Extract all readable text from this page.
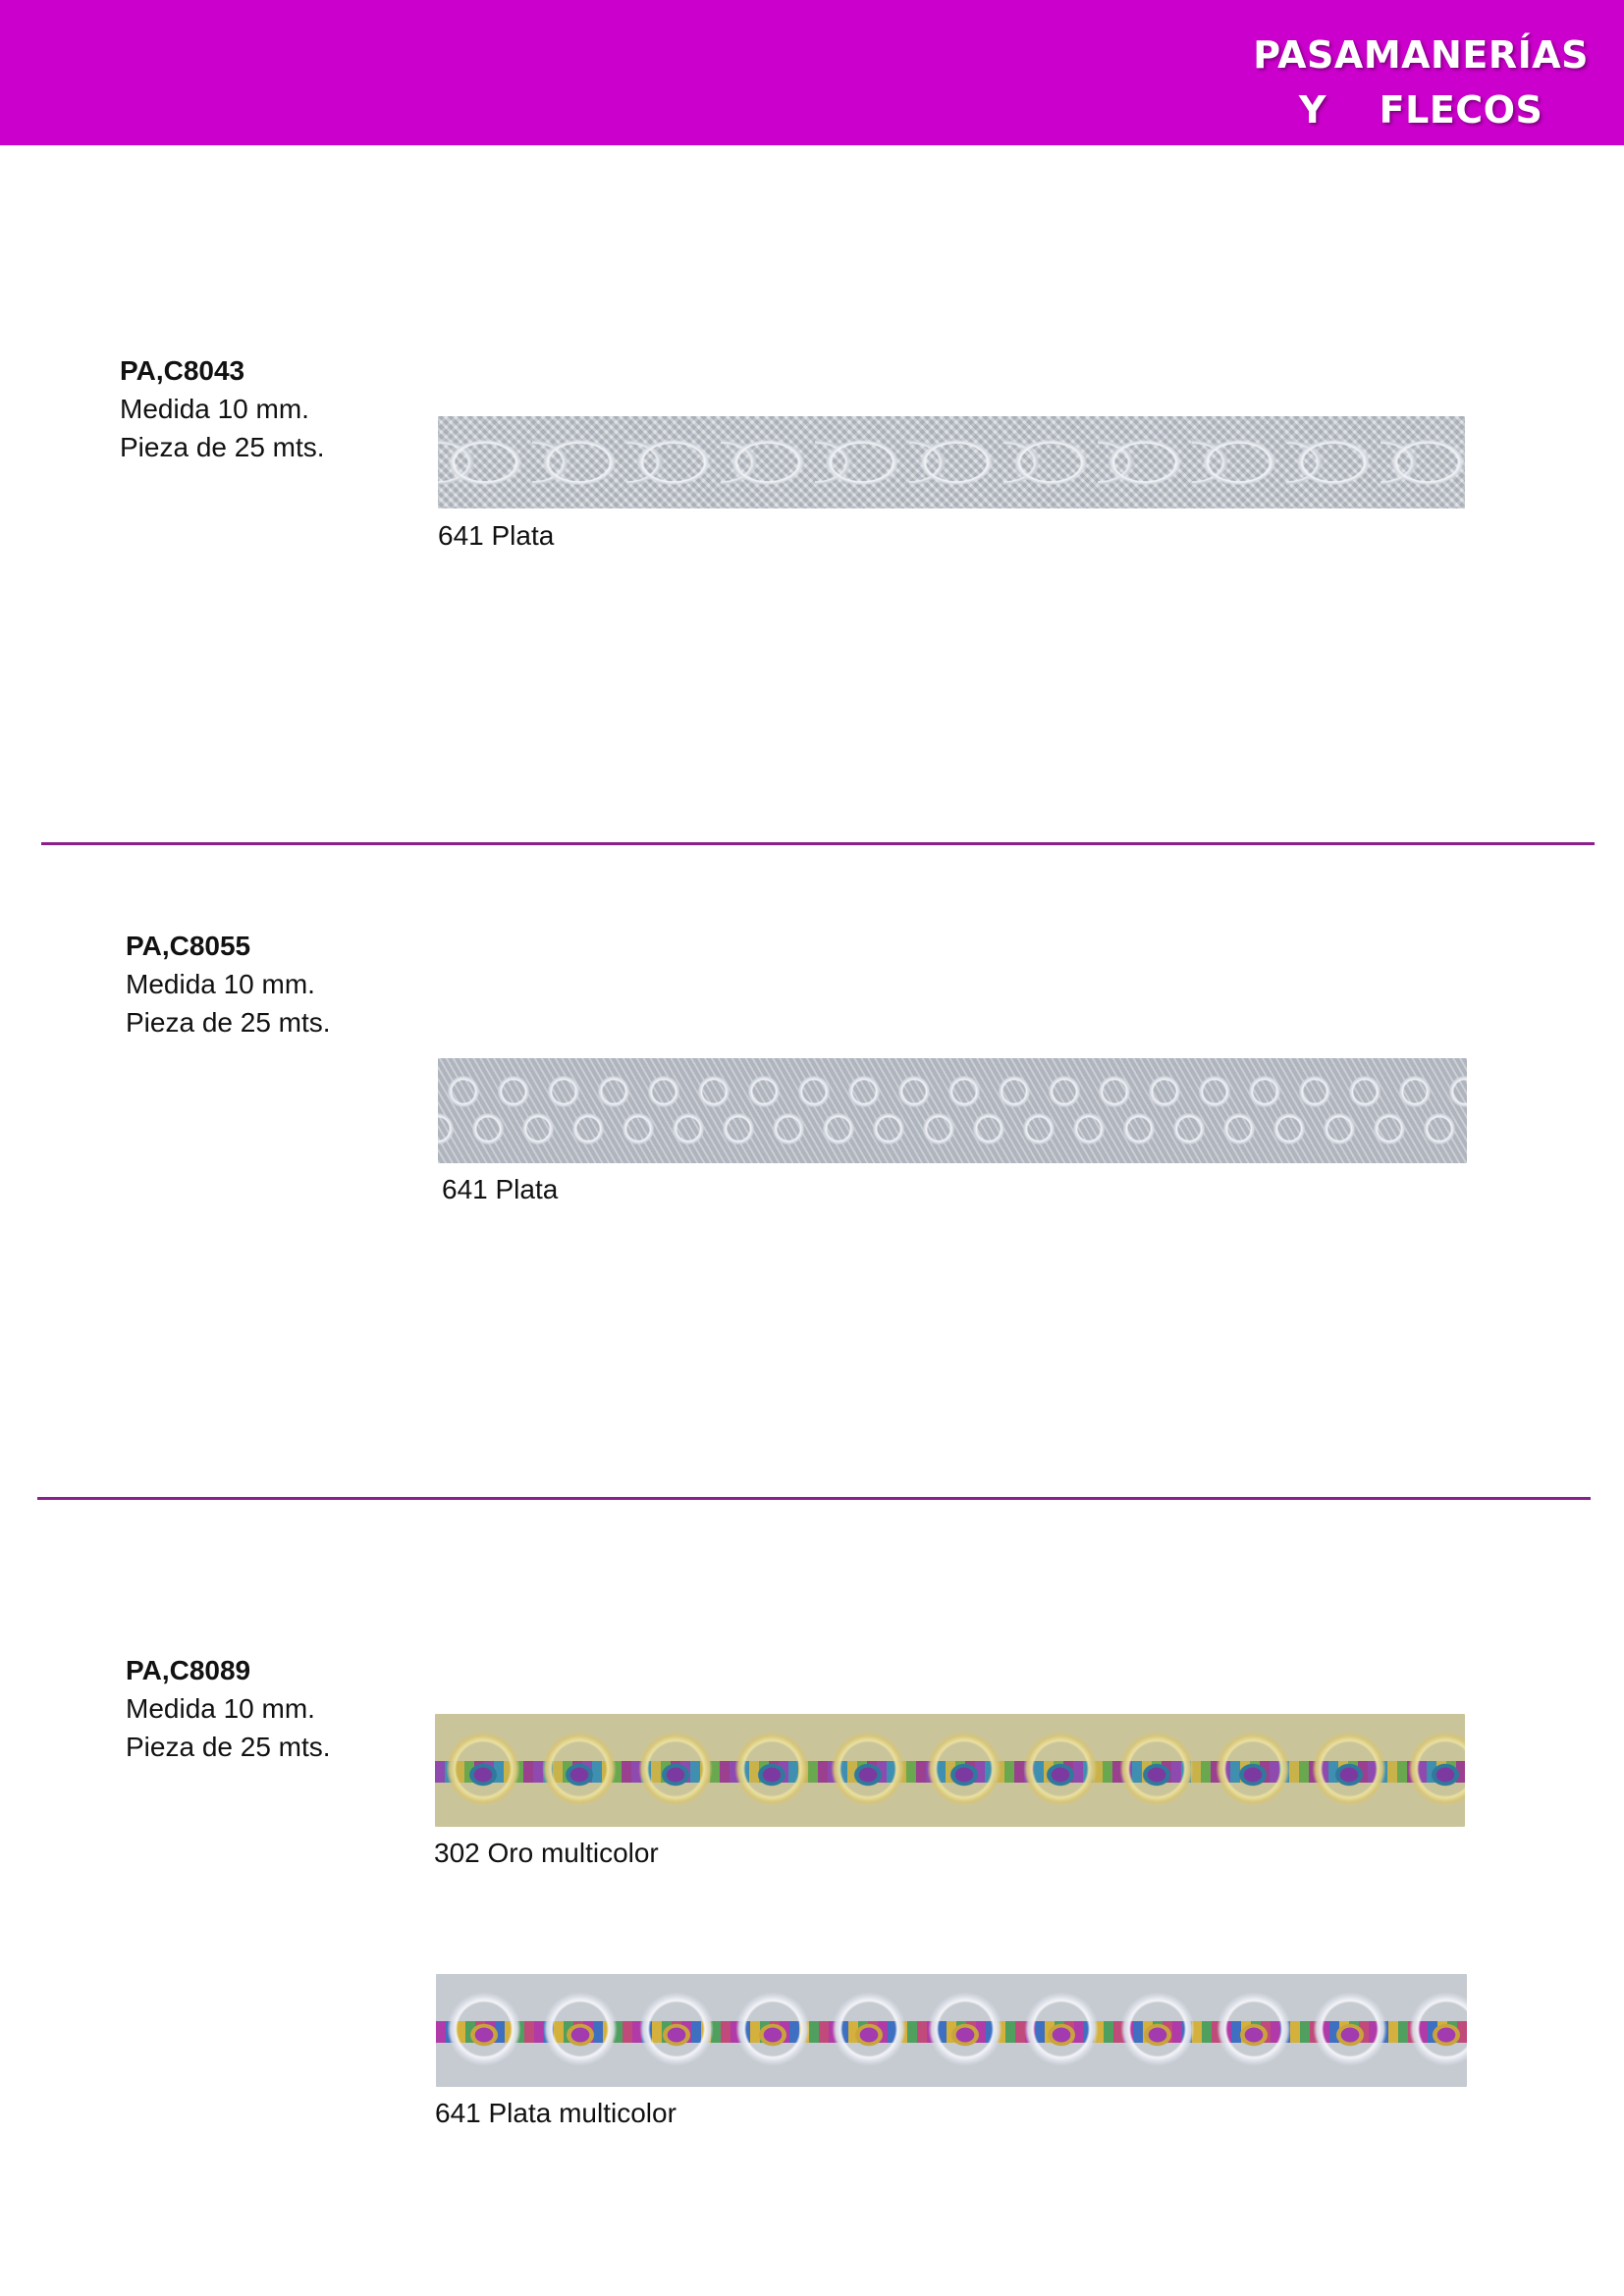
PASAMANERÍAS
Y FLECOS
PA,C8043
Medida 10 mm.
Pieza de 25 mts.
641 Plata
PA,C8055
Medida 10 mm.
Pieza de 25 mts.
641 Plata
PA,C8089
Medida 10 mm.
Pieza de 25 mts.
302 Oro multicolor
641 Plata multicolor
